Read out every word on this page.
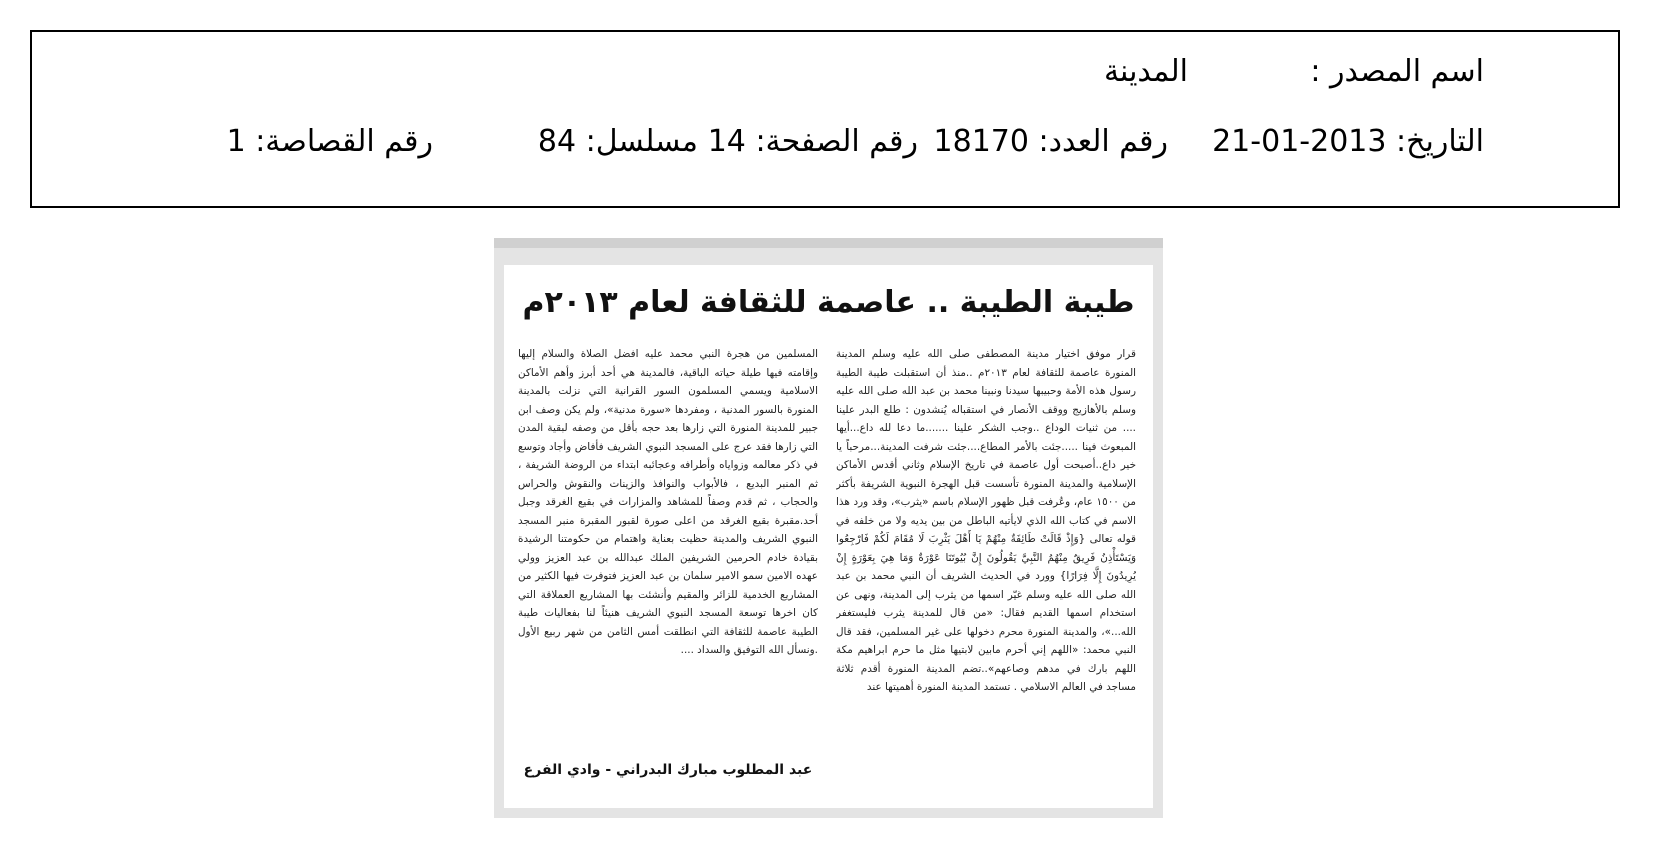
اسم المصدر :
المدينة
التاريخ: 2013-01-21
رقم العدد: 18170
رقم الصفحة: 14
مسلسل: 84
رقم القصاصة: 1
طيبة الطيبة .. عاصمة للثقافة لعام ٢٠١٣م
قرار موفق اختيار مدينة المصطفى صلى الله عليه وسلم المدينة المنورة عاصمة للثقافة لعام ٢٠١٣م ..منذ أن استقبلت طيبة الطيبة رسول هذه الأمة وحبيبها سيدنا ونبينا محمد بن عبد الله صلى الله عليه وسلم بالأهازيج ووقف الأنصار في استقباله يُنشدون : طلع البدر علينا .... من ثنيات الوداع ..وجب الشكر علينا .......ما دعا لله داع...أيها المبعوث فينا .....جئت بالأمر المطاع....جئت شرفت المدينة...مرحباً يا خير داع..أصبحت أول عاصمة في تاريخ الإسلام وثاني أقدس الأماكن الإسلامية والمدينة المنورة تأسست قبل الهجرة النبوية الشريفة بأكثر من ١٥٠٠ عام، وعُرفت قبل ظهور الإسلام باسم «يثرب»، وقد ورد هذا الاسم في كتاب الله الذي لايأتيه الباطل من بين يديه ولا من خلفه في قوله تعالى {وَإِذْ قَالَتْ طَائِفَةٌ مِنْهُمْ يَا أَهْلَ يَثْرِبَ لَا مُقَامَ لَكُمْ فَارْجِعُوا وَيَسْتَأْذِنُ فَرِيقٌ مِنْهُمُ النَّبِيَّ يَقُولُونَ إِنَّ بُيُوتَنَا عَوْرَةٌ وَمَا هِيَ بِعَوْرَةٍ إِنْ يُرِيدُونَ إِلَّا فِرَارًا} وورد في الحديث الشريف أن النبي محمد بن عبد الله صلى الله عليه وسلم غيّر اسمها من يثرب إلى المدينة، ونهى عن استخدام اسمها القديم فقال: «من قال للمدينة يثرب فليستغفر الله...»، والمدينة المنورة محرم دخولها على غير المسلمين، فقد قال النبي محمد: «اللهم إني أحرم مابين لابتيها مثل ما حرم ابراهيم مكة اللهم بارك في مدهم وصاعهم»..تضم المدينة المنورة أقدم ثلاثة مساجد في العالم الاسلامي . تستمد المدينة المنورة أهميتها عند
المسلمين من هجرة النبي محمد عليه افضل الصلاة والسلام إليها وإقامته فيها طيلة حياته الباقية، فالمدينة هي أحد أبرز وأهم الأماكن الاسلامية ويسمي المسلمون السور القرانية التي نزلت بالمدينة المنورة بالسور المدنية ، ومفردها «سورة مدنية»، ولم يكن وصف ابن جبير للمدينة المنورة التي زارها بعد حجه بأقل من وصفه لبقية المدن التي زارها فقد عرج على المسجد النبوي الشريف فأفاض وأجاد وتوسع في ذكر معالمه وزواياه وأطرافه وعجائبه ابتداء من الروضة الشريفة ، ثم المنبر البديع ، فالأبواب والنوافذ والزينات والنقوش والحراس والحجاب ، ثم قدم وصفاً للمشاهد والمزارات في بقيع الغرقد وجبل أحد.مقبرة بقيع الغرقد من اعلى صورة لقبور المقبرة منبر المسجد النبوي الشريف والمدينة حظيت بعناية واهتمام من حكومتنا الرشيدة بقيادة خادم الحرمين الشريفين الملك عبدالله بن عبد العزيز وولي عهده الامين سمو الامير سلمان بن عبد العزيز فتوفرت فيها الكثير من المشاريع الخدمية للزائر والمقيم وأنشئت بها المشاريع العملاقة التي كان اخرها توسعة المسجد النبوي الشريف هنيئاً لنا بفعاليات طيبة الطيبة عاصمة للثقافة التي انطلقت أمس الثامن من شهر ربيع الأول .ونسأل الله التوفيق والسداد ....
عبد المطلوب مبارك البدراني - وادي الفرع
